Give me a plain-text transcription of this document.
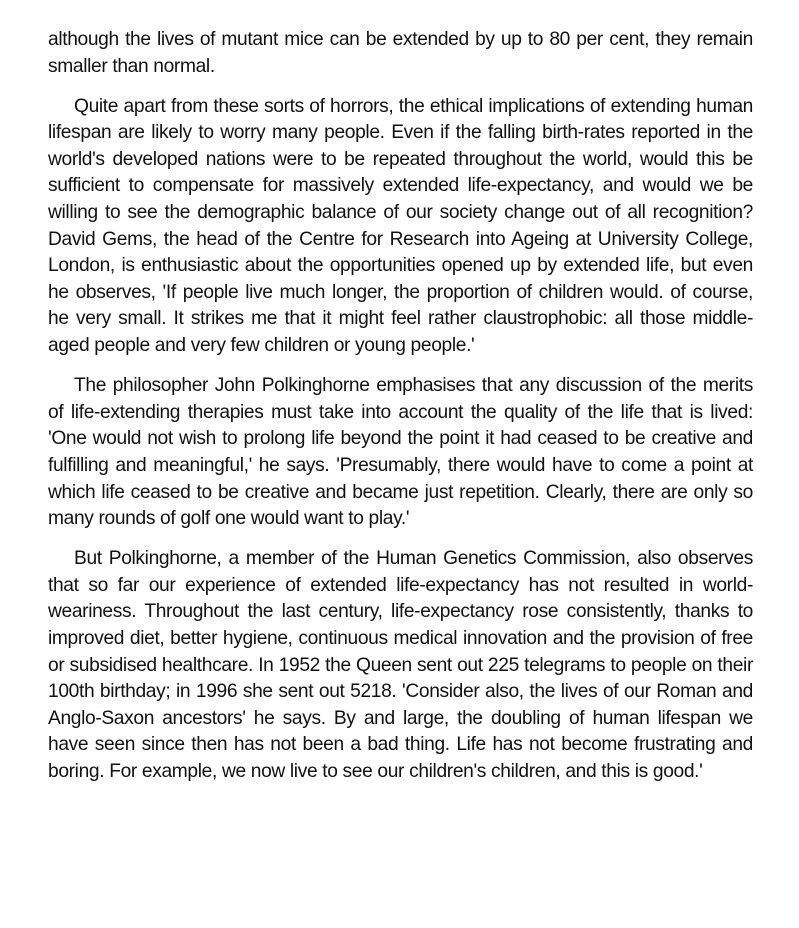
although the lives of mutant mice can be extended by up to 80 per cent, they remain smaller than normal.

Quite apart from these sorts of horrors, the ethical implications of extending human lifespan are likely to worry many people. Even if the falling birth-rates reported in the world's developed nations were to be repeated throughout the world, would this be sufficient to compensate for massively extended life-expectancy, and would we be willing to see the demographic balance of our society change out of all recognition? David Gems, the head of the Centre for Research into Ageing at University College, London, is enthusiastic about the opportunities opened up by extended life, but even he observes, 'If people live much longer, the proportion of children would. of course, he very small. It strikes me that it might feel rather claustrophobic: all those middle-aged people and very few children or young people.'

The philosopher John Polkinghorne emphasises that any discussion of the merits of life-extending therapies must take into account the quality of the life that is lived: 'One would not wish to prolong life beyond the point it had ceased to be creative and fulfilling and meaningful,' he says. 'Presumably, there would have to come a point at which life ceased to be creative and became just repetition. Clearly, there are only so many rounds of golf one would want to play.'

But Polkinghorne, a member of the Human Genetics Commission, also observes that so far our experience of extended life-expectancy has not resulted in world-weariness. Throughout the last century, life-expectancy rose consistently, thanks to improved diet, better hygiene, continuous medical innovation and the provision of free or subsidised healthcare. In 1952 the Queen sent out 225 telegrams to people on their 100th birthday; in 1996 she sent out 5218. 'Consider also, the lives of our Roman and Anglo-Saxon ancestors' he says. By and large, the doubling of human lifespan we have seen since then has not been a bad thing. Life has not become frustrating and boring. For example, we now live to see our children's children, and this is good.'
